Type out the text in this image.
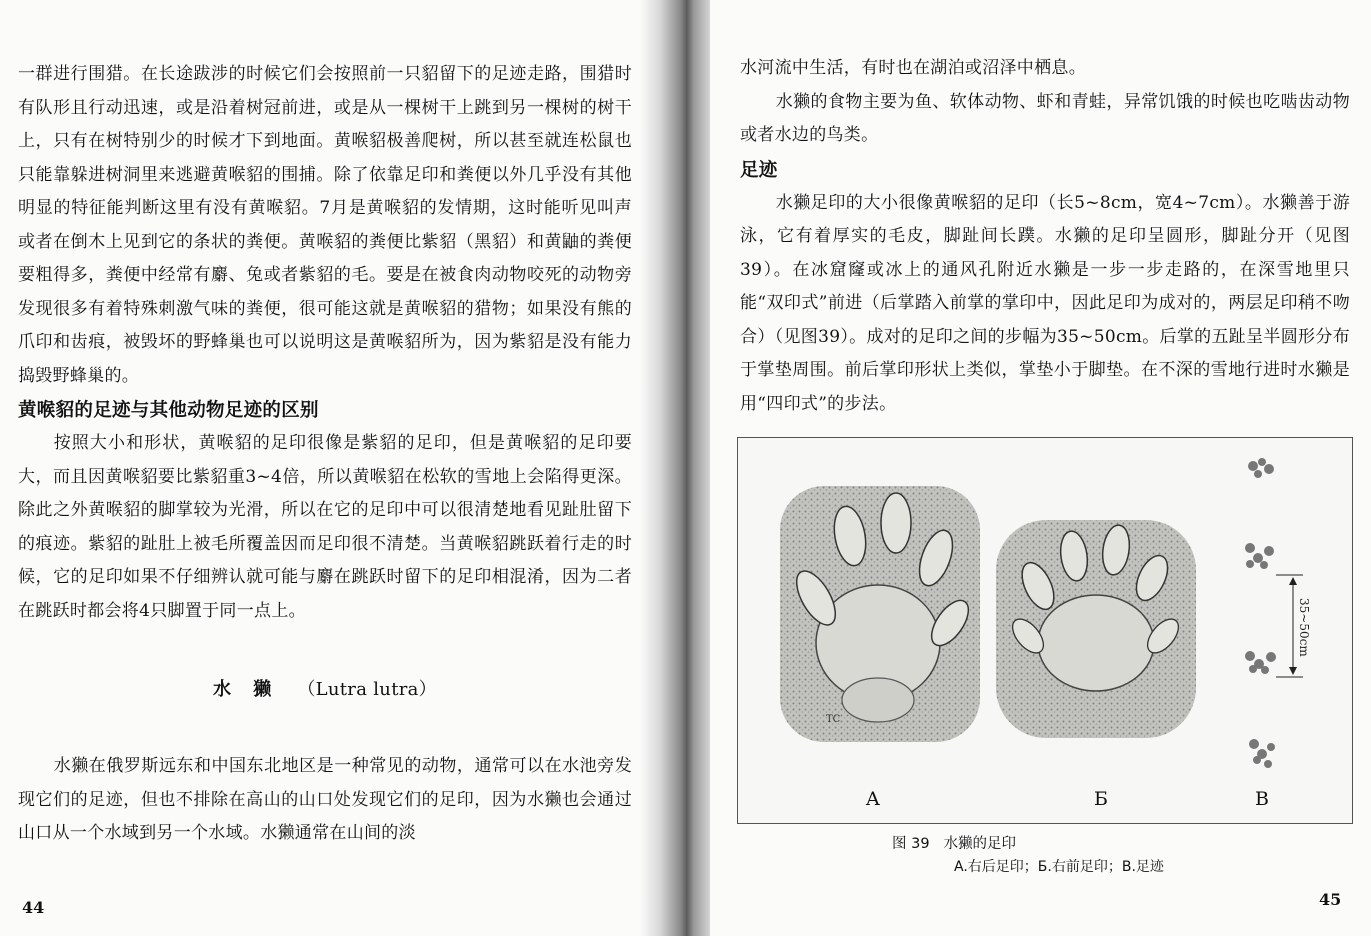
一群进行围猎。在长途跋涉的时候它们会按照前一只貂留下的足迹走路，围猎时有队形且行动迅速，或是沿着树冠前进，或是从一棵树干上跳到另一棵树的树干上，只有在树特别少的时候才下到地面。黄喉貂极善爬树，所以甚至就连松鼠也只能靠躲进树洞里来逃避黄喉貂的围捕。除了依靠足印和粪便以外几乎没有其他明显的特征能判断这里有没有黄喉貂。7月是黄喉貂的发情期，这时能听见叫声或者在倒木上见到它的条状的粪便。黄喉貂的粪便比紫貂（黑貂）和黄鼬的粪便要粗得多，粪便中经常有麝、兔或者紫貂的毛。要是在被食肉动物咬死的动物旁发现很多有着特殊刺激气味的粪便，很可能这就是黄喉貂的猎物；如果没有熊的爪印和齿痕，被毁坏的野蜂巢也可以说明这是黄喉貂所为，因为紫貂是没有能力捣毁野蜂巢的。

黄喉貂的足迹与其他动物足迹的区别

按照大小和形状，黄喉貂的足印很像是紫貂的足印，但是黄喉貂的足印要大，而且因黄喉貂要比紫貂重3~4倍，所以黄喉貂在松软的雪地上会陷得更深。除此之外黄喉貂的脚掌较为光滑，所以在它的足印中可以很清楚地看见趾肚留下的痕迹。紫貂的趾肚上被毛所覆盖因而足印很不清楚。当黄喉貂跳跃着行走的时候，它的足印如果不仔细辨认就可能与麝在跳跃时留下的足印相混淆，因为二者在跳跃时都会将4只脚置于同一点上。

水 獭 （Lutra lutra）

水獭在俄罗斯远东和中国东北地区是一种常见的动物，通常可以在水池旁发现它们的足迹，但也不排除在高山的山口处发现它们的足印，因为水獭也会通过山口从一个水域到另一个水域。水獭通常在山间的淡

44

水河流中生活，有时也在湖泊或沼泽中栖息。

水獭的食物主要为鱼、软体动物、虾和青蛙，异常饥饿的时候也吃啮齿动物或者水边的鸟类。

足迹

水獭足印的大小很像黄喉貂的足印（长5~8cm，宽4~7cm）。水獭善于游泳，它有着厚实的毛皮，脚趾间长蹼。水獭的足印呈圆形，脚趾分开（见图39）。在冰窟窿或冰上的通风孔附近水獭是一步一步走路的，在深雪地里只能“双印式”前进（后掌踏入前掌的掌印中，因此足印为成对的，两层足印稍不吻合）（见图39）。成对的足印之间的步幅为35~50cm。后掌的五趾呈半圆形分布于掌垫周围。前后掌印形状上类似，掌垫小于脚垫。在不深的雪地行进时水獭是用“四印式”的步法。

TC
35~50cm
A	Б	B
图 39 水獭的足印
A.右后足印；Б.右前足印；B.足迹
45
